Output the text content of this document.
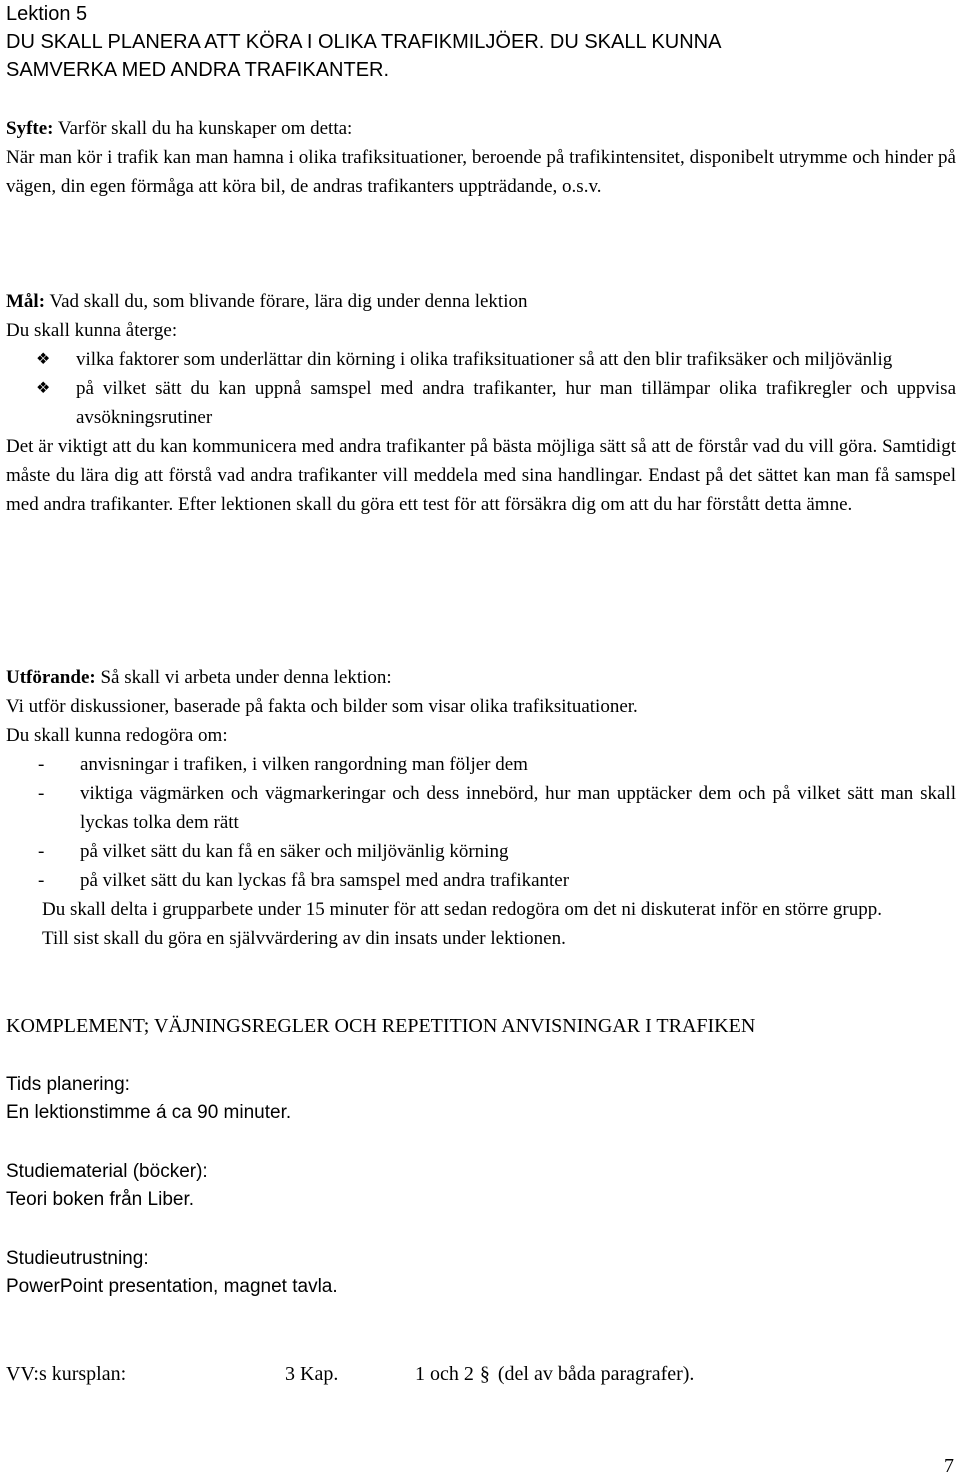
Lektion 5

DU SKALL PLANERA ATT KÖRA I OLIKA TRAFIKMILJÖER. DU SKALL KUNNA

SAMVERKA MED ANDRA TRAFIKANTER.

Syfte: Varför skall du ha kunskaper om detta:

När man kör i trafik kan man hamna i olika trafiksituationer, beroende på trafikintensitet, disponibelt utrymme och hinder på vägen, din egen förmåga att köra bil, de andras trafikanters uppträdande, o.s.v.

Mål: Vad skall du, som blivande förare, lära dig under denna lektion

Du skall kunna återge:

❖	vilka faktorer som underlättar din körning i olika trafiksituationer så att den blir trafiksäker och miljövänlig
❖	på vilket sätt du kan uppnå samspel med andra trafikanter, hur man tillämpar olika trafikregler och uppvisa avsökningsrutiner

Det är viktigt att du kan kommunicera med andra trafikanter på bästa möjliga sätt så att de förstår vad du vill göra. Samtidigt måste du lära dig att förstå vad andra trafikanter vill meddela med sina handlingar. Endast på det sättet kan man få samspel med andra trafikanter. Efter lektionen skall du göra ett test för att försäkra dig om att du har förstått detta ämne.

Utförande: Så skall vi arbeta under denna lektion:

Vi utför diskussioner, baserade på fakta och bilder som visar olika trafiksituationer.

Du skall kunna redogöra om:

-	anvisningar i trafiken, i vilken rangordning man följer dem
-	viktiga vägmärken och vägmarkeringar och dess innebörd, hur man upptäcker dem och på vilket sätt man skall lyckas tolka dem rätt
-	på vilket sätt du kan få en säker och miljövänlig körning
-	på vilket sätt du kan lyckas få bra samspel med andra trafikanter

Du skall delta i grupparbete under 15 minuter för att sedan redogöra om det ni diskuterat inför en större grupp.

Till sist skall du göra en självvärdering av din insats under lektionen.

KOMPLEMENT; VÄJNINGSREGLER OCH REPETITION ANVISNINGAR I TRAFIKEN
Tids planering:
En lektionstimme á ca 90 minuter.
Studiematerial (böcker):
Teori boken från Liber.
Studieutrustning:
PowerPoint presentation, magnet tavla.
VV:s kursplan:	3 Kap.	1 och 2 § (del av båda paragrafer).
7
